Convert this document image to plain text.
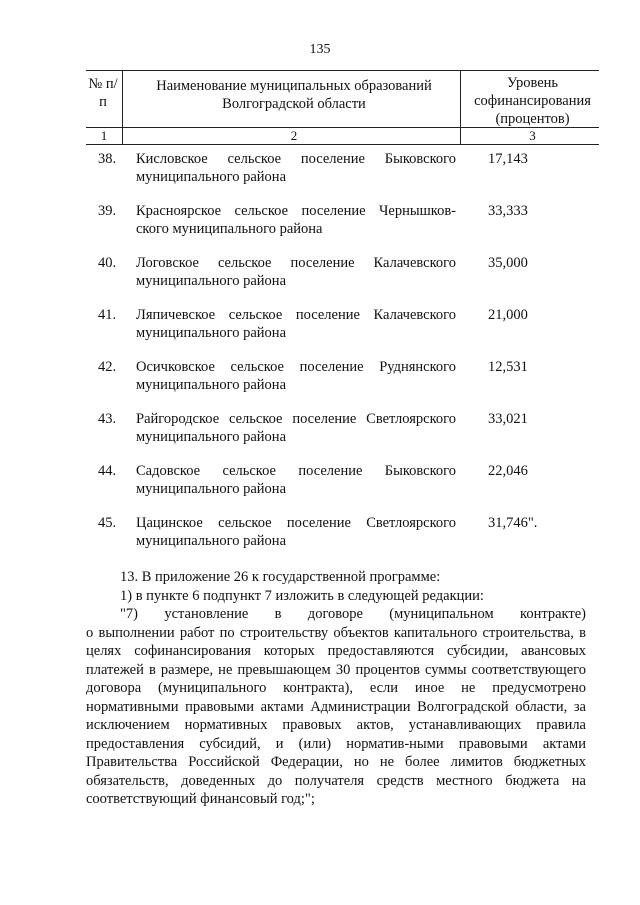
135
№ п/п
Наименование муниципальных образований Волгоградской области
Уровень софинансирования (процентов)
1	2	3
38. Кисловское сельское поселение Быковского
муниципального района
17,143
39. Красноярское сельское поселение Чернышков-
ского муниципального района
33,333
40. Логовское сельское поселение Калачевского
муниципального района
35,000
41. Ляпичевское сельское поселение Калачевского
муниципального района
21,000
42. Осичковское сельское поселение Руднянского
муниципального района
12,531
43. Райгородское сельское поселение Светлоярского
муниципального района
33,021
44. Садовское сельское поселение Быковского
муниципального района
22,046
45. Цацинское сельское поселение Светлоярского
муниципального района
31,746".

13. В приложение 26 к государственной программе:

1) в пункте 6 подпункт 7 изложить в следующей редакции:

"7) установление в договоре (муниципальном контракте)

о выполнении работ по строительству объектов капитального строительства, в целях софинансирования которых предоставляются субсидии, авансовых платежей в размере, не превышающем 30 процентов суммы соответствующего договора (муниципального контракта), если иное не предусмотрено нормативными правовыми актами Администрации Волгоградской области, за исключением нормативных правовых актов, устанавливающих правила предоставления субсидий, и (или) норматив-ными правовыми актами Правительства Российской Федерации, но не более лимитов бюджетных обязательств, доведенных до получателя средств местного бюджета на соответствующий финансовый год;";
